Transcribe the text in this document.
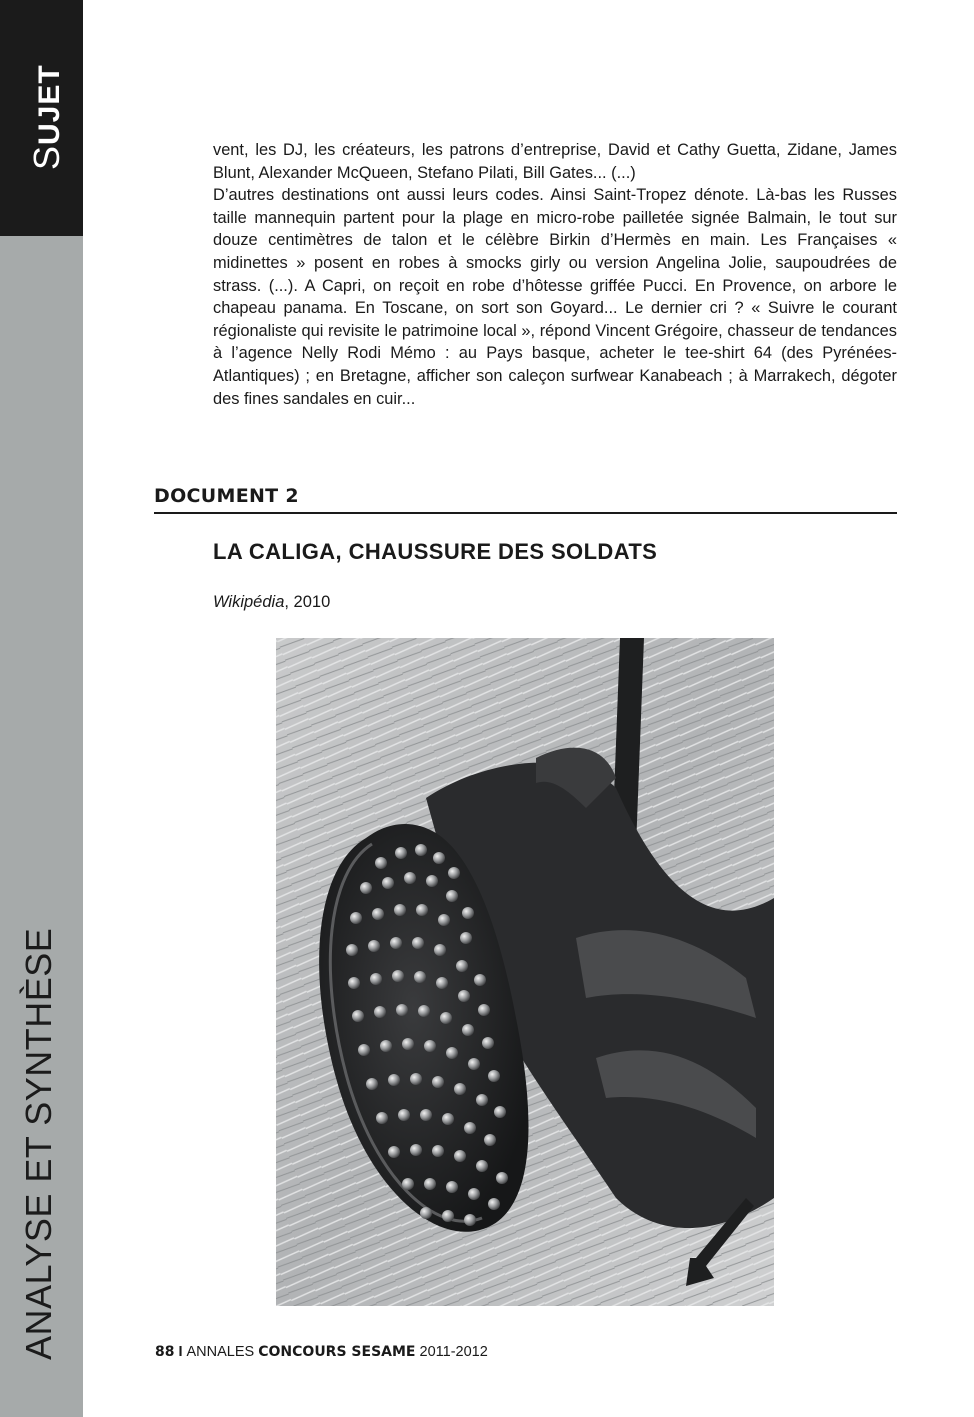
SUJET
ANALYSE ET SYNTHÈSE

vent, les DJ, les créateurs, les patrons d’entreprise, David et Cathy Guetta, Zidane, James Blunt, Alexander McQueen, Stefano Pilati, Bill Gates... (...)

D’autres destinations ont aussi leurs codes. Ainsi Saint-Tropez dénote. Là-bas les Russes taille mannequin partent pour la plage en micro-robe pailletée signée Balmain, le tout sur douze centimètres de talon et le célèbre Birkin d’Hermès en main. Les Françaises « midinettes » posent en robes à smocks girly ou version Angelina Jolie, saupoudrées de strass. (...). A Capri, on reçoit en robe d’hôtesse griffée Pucci. En Provence, on arbore le chapeau panama. En Toscane, on sort son Goyard... Le dernier cri ? « Suivre le courant régionaliste qui revisite le patrimoine local », répond Vincent Grégoire, chasseur de tendances à l’agence Nelly Rodi Mémo : au Pays basque, acheter le tee-shirt 64 (des Pyrénées-Atlantiques) ; en Bretagne, afficher son caleçon surfwear Kanabeach ; à Marrakech, dégoter des fines sandales en cuir...

DOCUMENT 2
LA CALIGA, CHAUSSURE DES SOLDATS
Wikipédia, 2010
88 I ANNALES CONCOURS SESAME 2011-2012
